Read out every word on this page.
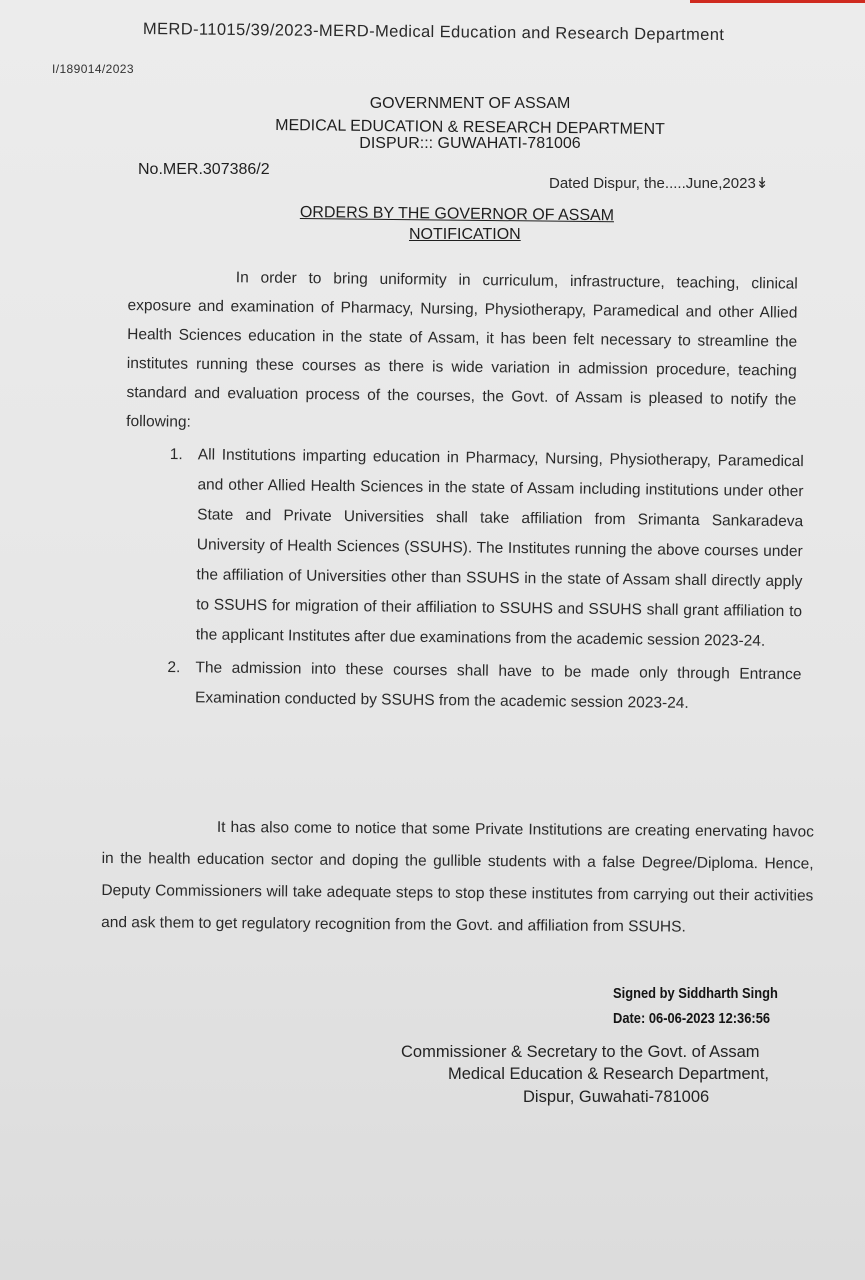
MERD-11015/39/2023-MERD-Medical Education and Research Department
I/189014/2023
GOVERNMENT OF ASSAM
MEDICAL EDUCATION & RESEARCH DEPARTMENT
DISPUR::: GUWAHATI-781006
No.MER.307386/2
Dated Dispur, the.....June,2023↡
ORDERS BY THE GOVERNOR OF ASSAM
NOTIFICATION

In order to bring uniformity in curriculum, infrastructure, teaching, clinical exposure and examination of Pharmacy, Nursing, Physiotherapy, Paramedical and other Allied Health Sciences education in the state of Assam, it has been felt necessary to streamline the institutes running these courses as there is wide variation in admission procedure, teaching standard and evaluation process of the courses, the Govt. of Assam is pleased to notify the following:

1. All Institutions imparting education in Pharmacy, Nursing, Physiotherapy, Paramedical and other Allied Health Sciences in the state of Assam including institutions under other State and Private Universities shall take affiliation from Srimanta Sankaradeva University of Health Sciences (SSUHS). The Institutes running the above courses under the affiliation of Universities other than SSUHS in the state of Assam shall directly apply to SSUHS for migration of their affiliation to SSUHS and SSUHS shall grant affiliation to the applicant Institutes after due examinations from the academic session 2023-24.

2. The admission into these courses shall have to be made only through Entrance Examination conducted by SSUHS from the academic session 2023-24.

It has also come to notice that some Private Institutions are creating enervating havoc in the health education sector and doping the gullible students with a false Degree/Diploma. Hence, Deputy Commissioners will take adequate steps to stop these institutes from carrying out their activities and ask them to get regulatory recognition from the Govt. and affiliation from SSUHS.

Signed by Siddharth Singh
Date: 06-06-2023 12:36:56
Commissioner & Secretary to the Govt. of Assam
Medical Education & Research Department,
Dispur, Guwahati-781006
